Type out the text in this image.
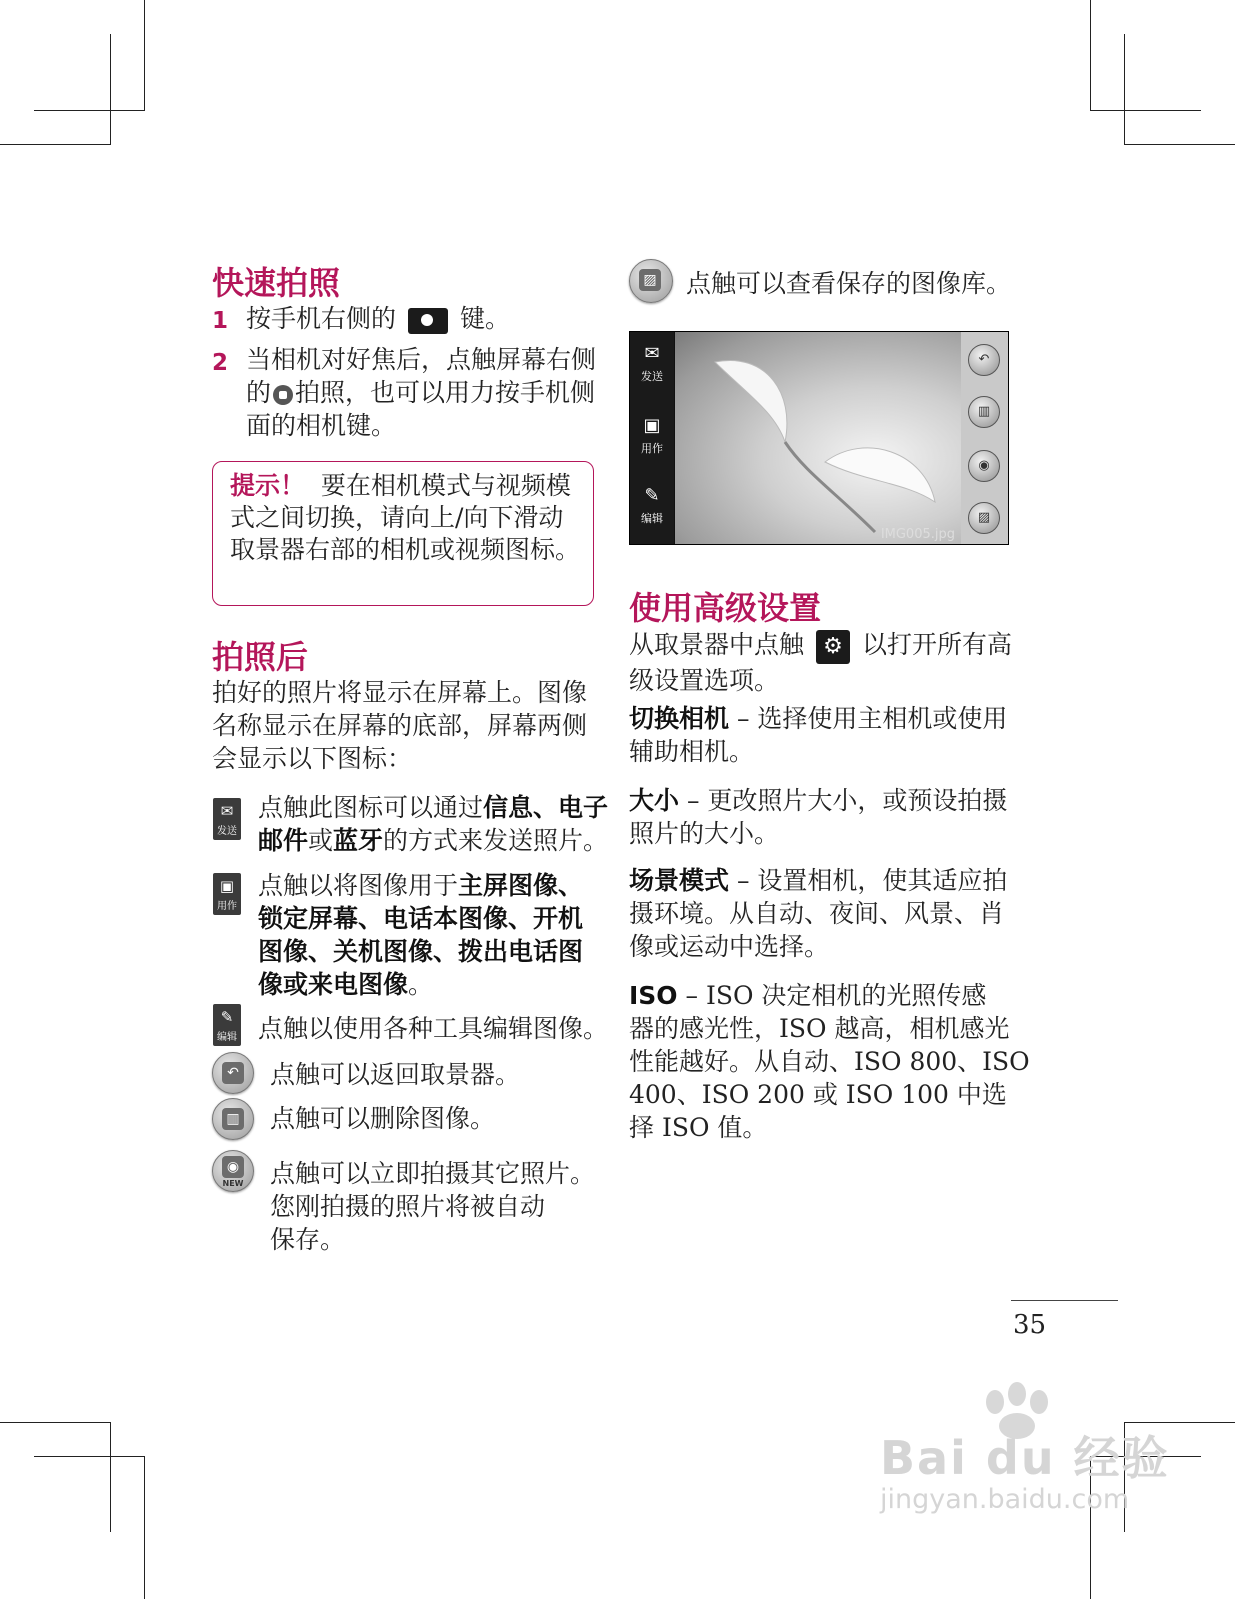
快速拍照
1 按手机右侧的	键。
2 当相机对好焦后，点触屏幕右侧
的 拍照，也可以用力按手机侧
面的相机键。
提示！ 要在相机模式与视频模
式之间切换，请向上/向下滑动
取景器右部的相机或视频图标。
拍照后
拍好的照片将显示在屏幕上。图像
名称显示在屏幕的底部，屏幕两侧
会显示以下图标：
✉
发送
点触此图标可以通过信息、电子
邮件或蓝牙的方式来发送照片。
▣
用作
点触以将图像用于主屏图像、
锁定屏幕、电话本图像、开机
图像、关机图像、拨出电话图
像或来电图像。
✎
编辑 点触以使用各种工具编辑图像。
↶ 点触可以返回取景器。
▥ 点触可以删除图像。
◉
NEW	点触可以立即拍摄其它照片。
您刚拍摄的照片将被自动
保存。
▨ 点触可以查看保存的图像库。
✉
发送
▣
用作
✎
编辑
IMG005.jpg
↶
▥
◉
▨
使用高级设置
从取景器中点触 ⚙ 以打开所有高
级设置选项。
切换相机 – 选择使用主相机或使用
辅助相机。
大小 – 更改照片大小，或预设拍摄
照片的大小。
场景模式 – 设置相机，使其适应拍
摄环境。从自动、夜间、风景、肖
像或运动中选择。
ISO – ISO 决定相机的光照传感
器的感光性，ISO 越高，相机感光
性能越好。从自动、ISO 800、ISO
400、ISO 200 或 ISO 100 中选
择 ISO 值。
35
Bai du 经验
jingyan.baidu.com
